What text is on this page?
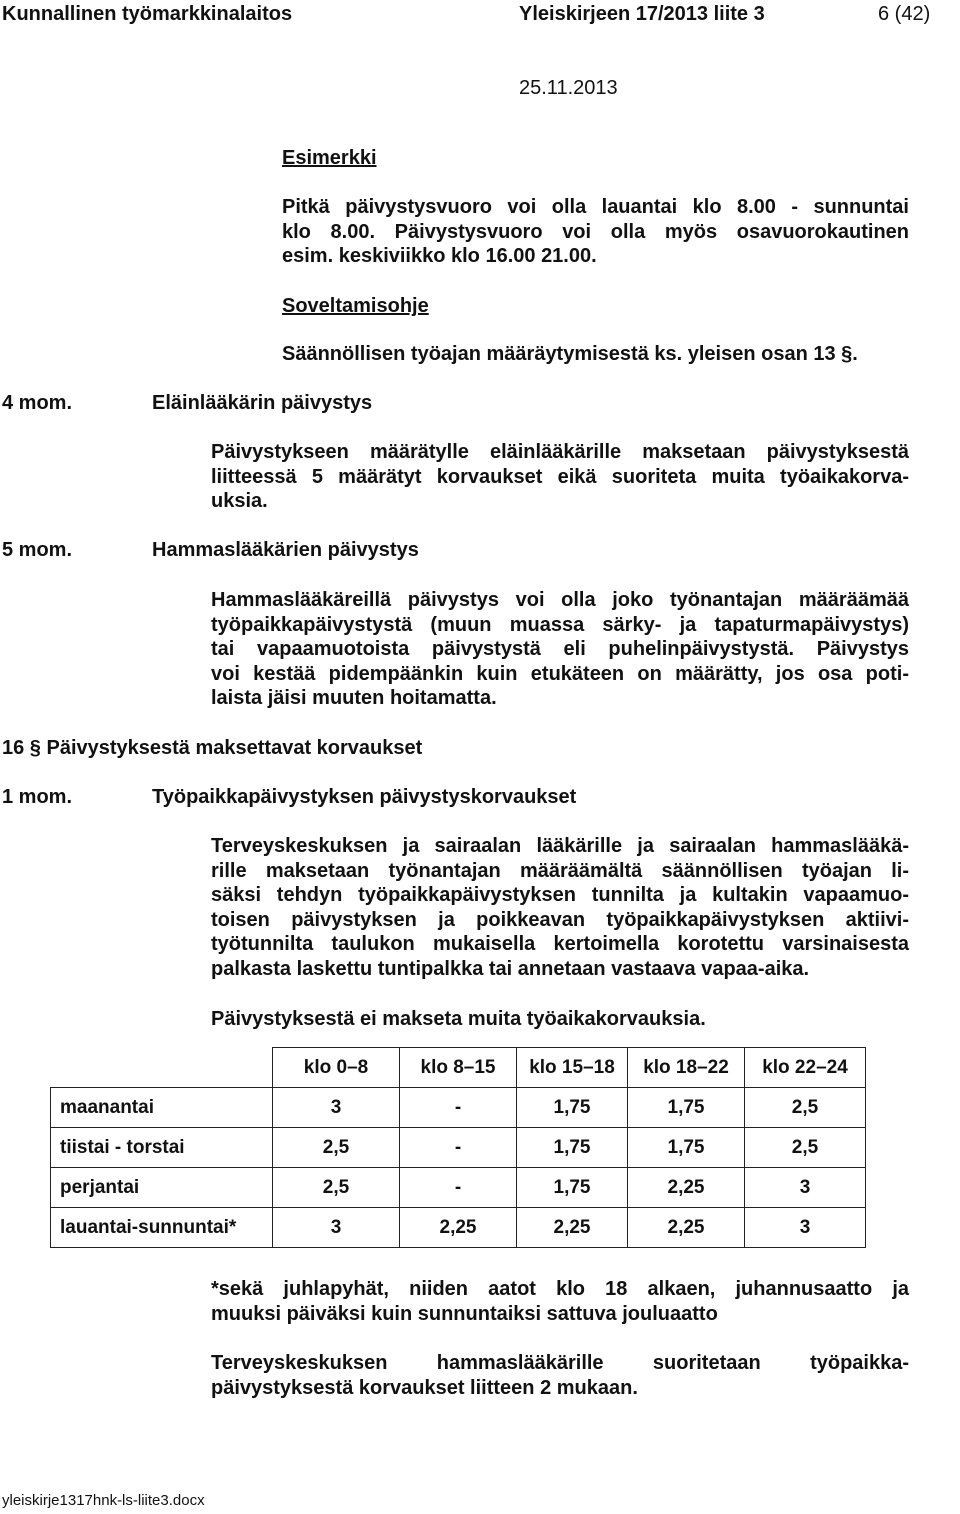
Kunnallinen työmarkkinalaitos	Yleiskirjeen 17/2013 liite 3	6 (42)
25.11.2013
Esimerkki
Pitkä päivystysvuoro voi olla lauantai klo 8.00 - sunnuntai
klo 8.00. Päivystysvuoro voi olla myös osavuorokautinen
esim. keskiviikko klo 16.00 21.00.
Soveltamisohje
Säännöllisen työajan määräytymisestä ks. yleisen osan 13 §.
4 mom.	Eläinlääkärin päivystys
Päivystykseen määrätylle eläinlääkärille maksetaan päivystyksestä
liitteessä 5 määrätyt korvaukset eikä suoriteta muita työaikakorva-
uksia.
5 mom.	Hammaslääkärien päivystys
Hammaslääkäreillä päivystys voi olla joko työnantajan määräämää
työpaikkapäivystystä (muun muassa särky- ja tapaturmapäivystys)
tai vapaamuotoista päivystystä eli puhelinpäivystystä. Päivystys
voi kestää pidempäänkin kuin etukäteen on määrätty, jos osa poti-
laista jäisi muuten hoitamatta.
16 § Päivystyksestä maksettavat korvaukset
1 mom.	Työpaikkapäivystyksen päivystyskorvaukset
Terveyskeskuksen ja sairaalan lääkärille ja sairaalan hammaslääkä-
rille maksetaan työnantajan määräämältä säännöllisen työajan li-
säksi tehdyn työpaikkapäivystyksen tunnilta ja kultakin vapaamuo-
toisen päivystyksen ja poikkeavan työpaikkapäivystyksen aktiivi-
työtunnilta taulukon mukaisella kertoimella korotettu varsinaisesta
palkasta laskettu tuntipalkka tai annetaan vastaava vapaa-aika.
Päivystyksestä ei makseta muita työaikakorvauksia.
	klo 0–8	klo 8–15	klo 15–18	klo 18–22	klo 22–24
maanantai	3	-	1,75	1,75	2,5
tiistai - torstai	2,5	-	1,75	1,75	2,5
perjantai	2,5	-	1,75	2,25	3
lauantai-sunnuntai*	3	2,25	2,25	2,25	3
*sekä juhlapyhät, niiden aatot klo 18 alkaen, juhannusaatto ja
muuksi päiväksi kuin sunnuntaiksi sattuva jouluaatto
Terveyskeskuksen hammaslääkärille suoritetaan työpaikka-
päivystyksestä korvaukset liitteen 2 mukaan.
yleiskirje1317hnk-ls-liite3.docx
